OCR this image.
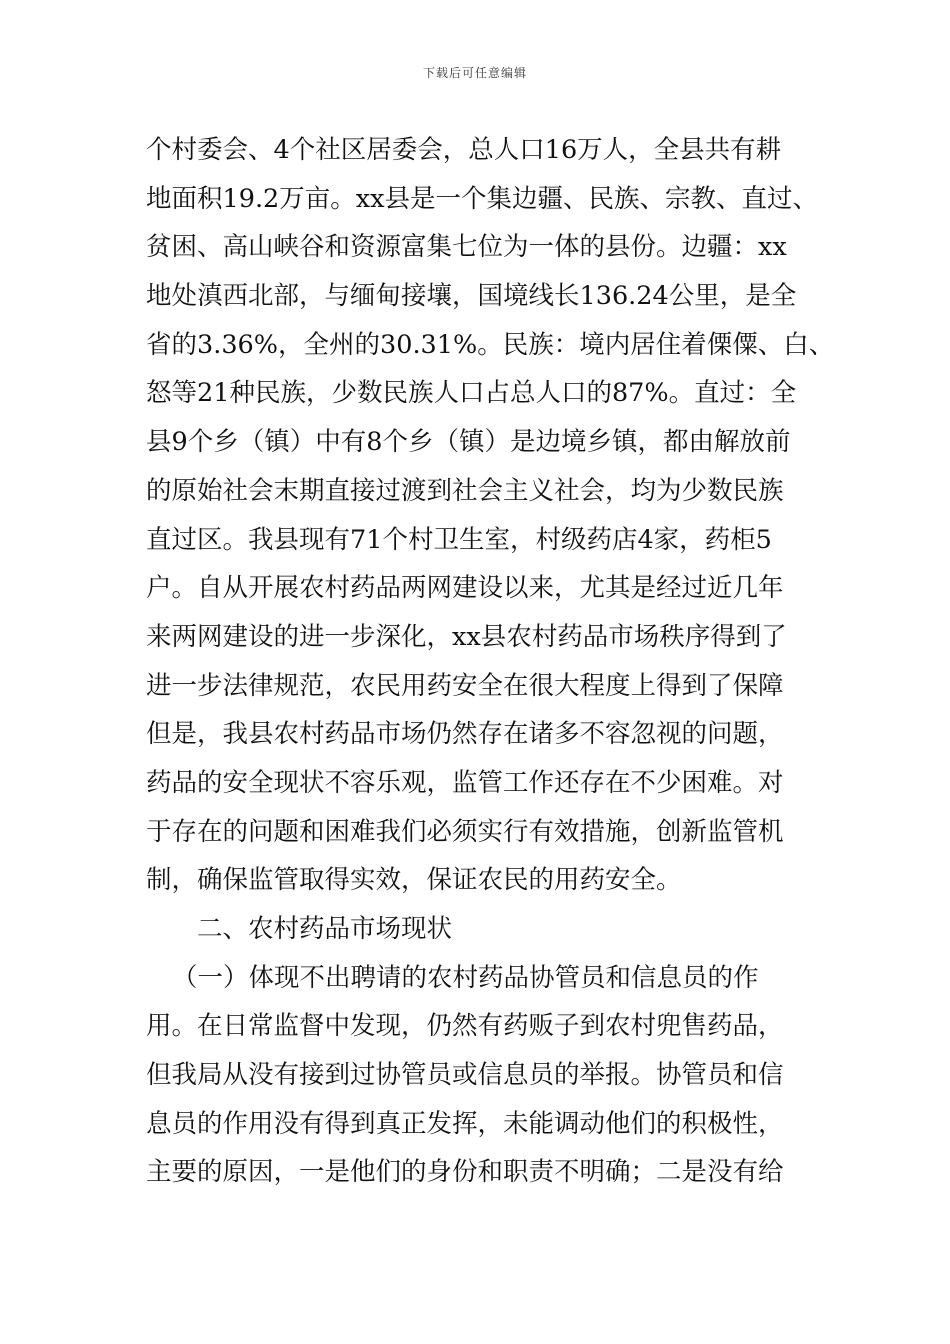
下载后可任意编辑
个村委会、4个社区居委会，总人口16万人，全县共有耕
地面积19.2万亩。xx县是一个集边疆、民族、宗教、直过、
贫困、高山峡谷和资源富集七位为一体的县份。边疆：xx
地处滇西北部，与缅甸接壤，国境线长136.24公里，是全
省的3.36%，全州的30.31%。民族：境内居住着傈僳、白、
怒等21种民族，少数民族人口占总人口的87%。直过：全
县9个乡（镇）中有8个乡（镇）是边境乡镇，都由解放前
的原始社会末期直接过渡到社会主义社会，均为少数民族
直过区。我县现有71个村卫生室，村级药店4家，药柜5
户。自从开展农村药品两网建设以来，尤其是经过近几年
来两网建设的进一步深化，xx县农村药品市场秩序得到了
进一步法律规范，农民用药安全在很大程度上得到了保障
但是，我县农村药品市场仍然存在诸多不容忽视的问题，
药品的安全现状不容乐观，监管工作还存在不少困难。对
于存在的问题和困难我们必须实行有效措施，创新监管机
制，确保监管取得实效，保证农民的用药安全。
二、农村药品市场现状
（一）体现不出聘请的农村药品协管员和信息员的作
用。在日常监督中发现，仍然有药贩子到农村兜售药品，
但我局从没有接到过协管员或信息员的举报。协管员和信
息员的作用没有得到真正发挥，未能调动他们的积极性，
主要的原因，一是他们的身份和职责不明确；二是没有给
